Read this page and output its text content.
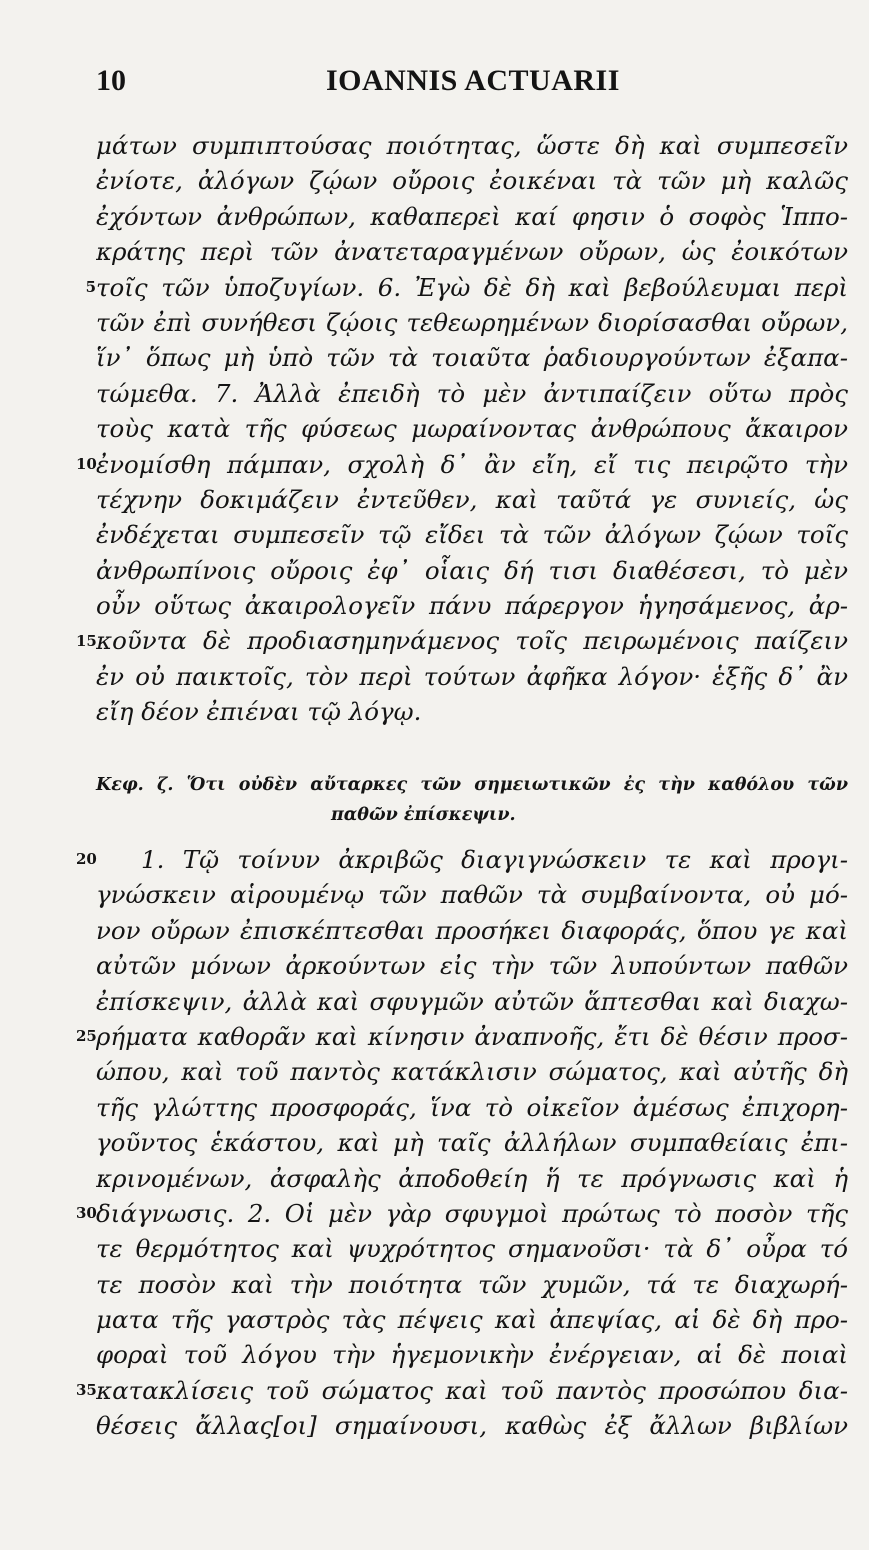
10	IOANNIS ACTUARII
5
10
15
20
25
30
35
μάτων συμπιπτούσας ποιότητας, ὥστε δὴ καὶ συμπεσεῖν
ἐνίοτε, ἀλόγων ζῴων οὔροις ἐοικέναι τὰ τῶν μὴ καλῶς
ἐχόντων ἀνθρώπων, καθαπερεὶ καί φησιν ὁ σοφὸς Ἱππο-
κράτης περὶ τῶν ἀνατεταραγμένων οὔρων, ὡς ἐοικότων
τοῖς τῶν ὑποζυγίων. 6. Ἐγὼ δὲ δὴ καὶ βεβούλευμαι περὶ
τῶν ἐπὶ συνήθεσι ζῴοις τεθεωρημένων διορίσασθαι οὔρων,
ἵν᾽ ὅπως μὴ ὑπὸ τῶν τὰ τοιαῦτα ῥαδιουργούντων ἐξαπα-
τώμεθα. 7. Ἀλλὰ ἐπειδὴ τὸ μὲν ἀντιπαίζειν οὕτω πρὸς
τοὺς κατὰ τῆς φύσεως μωραίνοντας ἀνθρώπους ἄκαιρον
ἐνομίσθη πάμπαν, σχολὴ δ᾽ ἂν εἴη, εἴ τις πειρῷτο τὴν
τέχνην δοκιμάζειν ἐντεῦθεν, καὶ ταῦτά γε συνιείς, ὡς
ἐνδέχεται συμπεσεῖν τῷ εἴδει τὰ τῶν ἀλόγων ζῴων τοῖς
ἀνθρωπίνοις οὔροις ἐφ᾽ οἷαις δή τισι διαθέσεσι, τὸ μὲν
οὖν οὕτως ἀκαιρολογεῖν πάνυ πάρεργον ἡγησάμενος, ἀρ-
κοῦντα δὲ προδιασημηνάμενος τοῖς πειρωμένοις παίζειν
ἐν οὐ παικτοῖς, τὸν περὶ τούτων ἀφῆκα λόγον· ἑξῆς δ᾽ ἂν
εἴη δέον ἐπιέναι τῷ λόγῳ.
Κεφ. ζ. Ὅτι οὐδὲν αὔταρκες τῶν σημειωτικῶν ἐς τὴν καθόλου τῶν
παθῶν ἐπίσκεψιν.
1. Τῷ τοίνυν ἀκριβῶς διαγιγνώσκειν τε καὶ προγι-
γνώσκειν αἱρουμένῳ τῶν παθῶν τὰ συμβαίνοντα, οὐ μό-
νον οὔρων ἐπισκέπτεσθαι προσήκει διαφοράς, ὅπου γε καὶ
αὐτῶν μόνων ἀρκούντων εἰς τὴν τῶν λυπούντων παθῶν
ἐπίσκεψιν, ἀλλὰ καὶ σφυγμῶν αὐτῶν ἅπτεσθαι καὶ διαχω-
ρήματα καθορᾶν καὶ κίνησιν ἀναπνοῆς, ἔτι δὲ θέσιν προσ-
ώπου, καὶ τοῦ παντὸς κατάκλισιν σώματος, καὶ αὐτῆς δὴ
τῆς γλώττης προσφοράς, ἵνα τὸ οἰκεῖον ἀμέσως ἐπιχορη-
γοῦντος ἑκάστου, καὶ μὴ ταῖς ἀλλήλων συμπαθείαις ἐπι-
κρινομένων, ἀσφαλὴς ἀποδοθείη ἥ τε πρόγνωσις καὶ ἡ
διάγνωσις. 2. Οἱ μὲν γὰρ σφυγμοὶ πρώτως τὸ ποσὸν τῆς
τε θερμότητος καὶ ψυχρότητος σημανοῦσι· τὰ δ᾽ οὖρα τό
τε ποσὸν καὶ τὴν ποιότητα τῶν χυμῶν, τά τε διαχωρή-
ματα τῆς γαστρὸς τὰς πέψεις καὶ ἀπεψίας, αἱ δὲ δὴ προ-
φοραὶ τοῦ λόγου τὴν ἡγεμονικὴν ἐνέργειαν, αἱ δὲ ποιαὶ
κατακλίσεις τοῦ σώματος καὶ τοῦ παντὸς προσώπου δια-
θέσεις ἄλλας[οι] σημαίνουσι, καθὼς ἐξ ἄλλων βιβλίων
